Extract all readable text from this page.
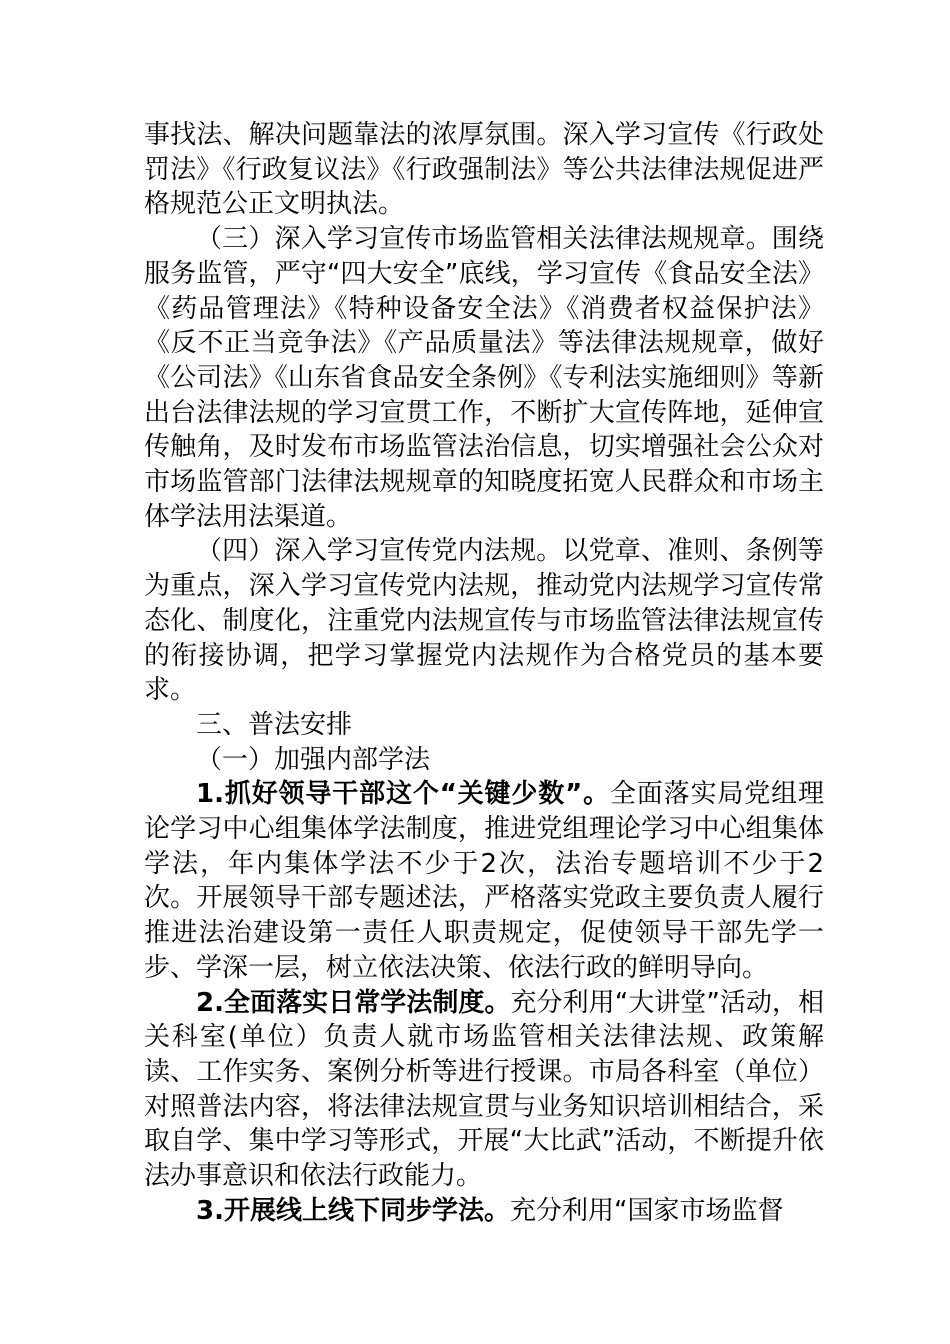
事找法、解决问题靠法的浓厚氛围。深入学习宣传《行政处罚法》《行政复议法》《行政强制法》等公共法律法规促进严格规范公正文明执法。

（三）深入学习宣传市场监管相关法律法规规章。围绕服务监管，严守“四大安全”底线，学习宣传《食品安全法》《药品管理法》《特种设备安全法》《消费者权益保护法》《反不正当竞争法》《产品质量法》等法律法规规章，做好《公司法》《山东省食品安全条例》《专利法实施细则》等新出台法律法规的学习宣贯工作，不断扩大宣传阵地，延伸宣传触角，及时发布市场监管法治信息，切实增强社会公众对市场监管部门法律法规规章的知晓度拓宽人民群众和市场主体学法用法渠道。

（四）深入学习宣传党内法规。以党章、准则、条例等为重点，深入学习宣传党内法规，推动党内法规学习宣传常态化、制度化，注重党内法规宣传与市场监管法律法规宣传的衔接协调，把学习掌握党内法规作为合格党员的基本要求。

三、普法安排

（一）加强内部学法

1.抓好领导干部这个“关键少数”。全面落实局党组理论学习中心组集体学法制度，推进党组理论学习中心组集体学法，年内集体学法不少于2次，法治专题培训不少于2次。开展领导干部专题述法，严格落实党政主要负责人履行推进法治建设第一责任人职责规定，促使领导干部先学一步、学深一层，树立依法决策、依法行政的鲜明导向。

2.全面落实日常学法制度。充分利用“大讲堂”活动，相关科室(单位）负责人就市场监管相关法律法规、政策解读、工作实务、案例分析等进行授课。市局各科室（单位）对照普法内容，将法律法规宣贯与业务知识培训相结合，采取自学、集中学习等形式，开展“大比武”活动，不断提升依法办事意识和依法行政能力。

3.开展线上线下同步学法。充分利用“国家市场监督
